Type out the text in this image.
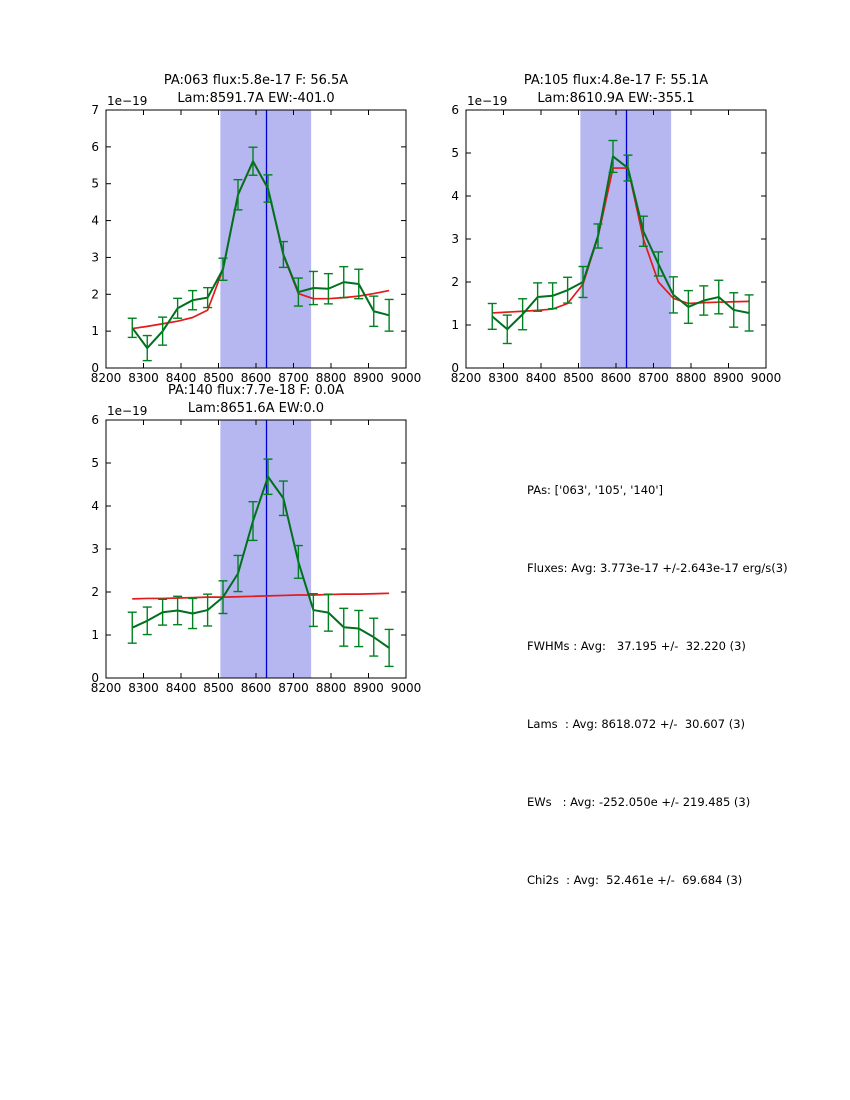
PA:063 flux:5.8e-17 F: 56.5A
Lam:8591.7A EW:-401.0
1e−19
8200 8300 8400 8500 8600 8700 8800 8900 9000
0
1
2
3
4
5
6
7
PA:105 flux:4.8e-17 F: 55.1A
Lam:8610.9A EW:-355.1
1e−19
8200 8300 8400 8500 8600 8700 8800 8900 9000
0
1
2
3
4
5
6
PA:140 flux:7.7e-18 F: 0.0A
Lam:8651.6A EW:0.0
1e−19
8200 8300 8400 8500 8600 8700 8800 8900 9000
0
1
2
3
4
5
6

PAs: ['063', '105', '140']

Fluxes: Avg: 3.773e-17 +/-2.643e-17 erg/s(3)

FWHMs : Avg:   37.195 +/-  32.220 (3)

Lams  : Avg: 8618.072 +/-  30.607 (3)

EWs   : Avg: -252.050e +/- 219.485 (3)

Chi2s  : Avg:  52.461e +/-  69.684 (3)
